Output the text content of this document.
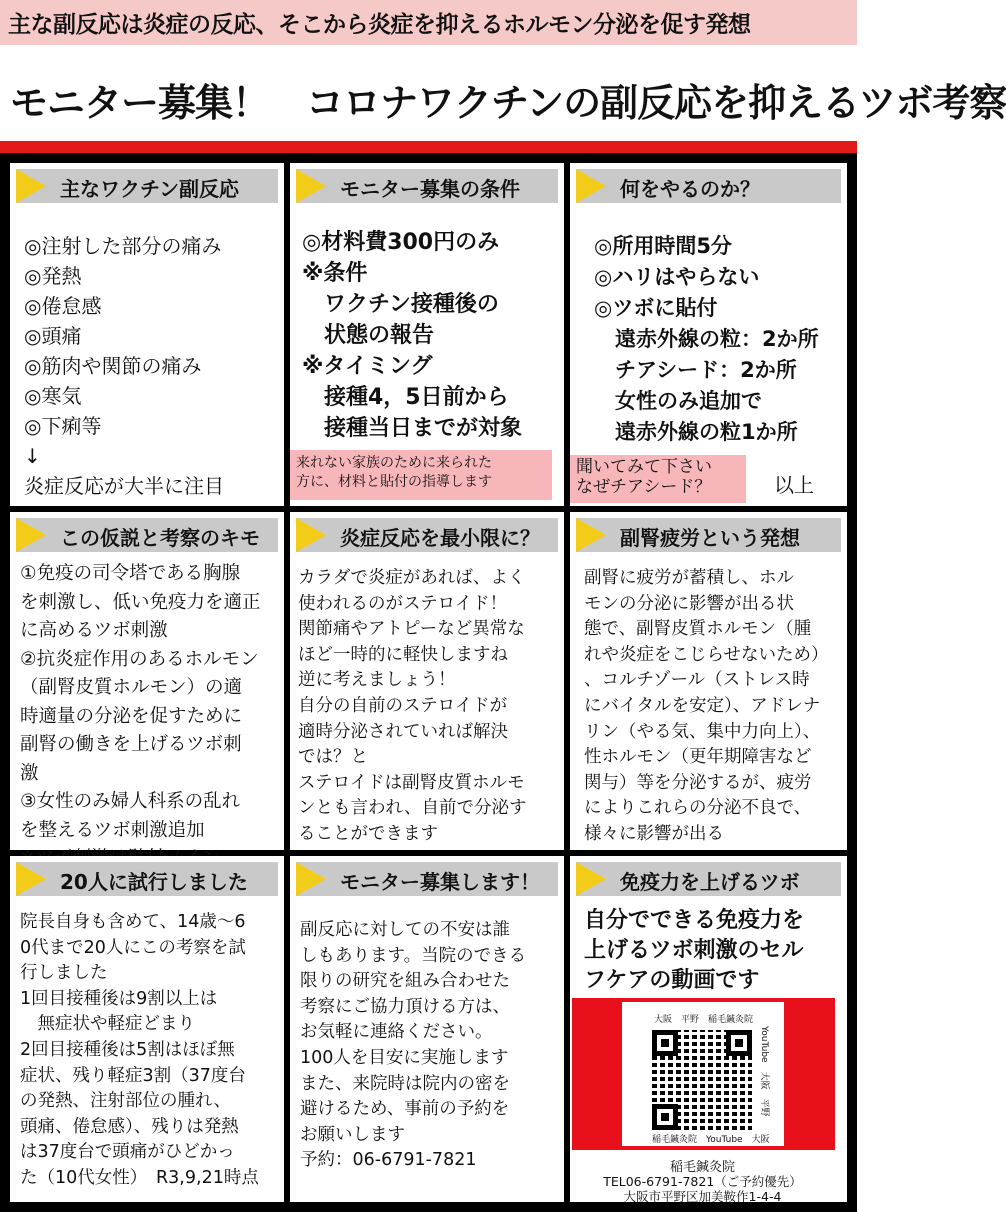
主な副反応は炎症の反応、そこから炎症を抑えるホルモン分泌を促す発想
モニター募集！　コロナワクチンの副反応を抑えるツボ考察
主なワクチン副反応
◎注射した部分の痛み
◎発熱
◎倦怠感
◎頭痛
◎筋肉や関節の痛み
◎寒気
◎下痢等
↓
炎症反応が大半に注目
モニター募集の条件
◎材料費300円のみ
※条件
　ワクチン接種後の
　状態の報告
※タイミング
　接種4，5日前から
　接種当日までが対象
来れない家族のために来られた
方に、材料と貼付の指導します
何をやるのか？
◎所用時間5分
◎ハリはやらない
◎ツボに貼付
　遠赤外線の粒：2か所
　チアシード：2か所
　女性のみ追加で
　遠赤外線の粒1か所
聞いてみて下さい
なぜチアシード？	以上
この仮説と考察のキモ
①免疫の司令塔である胸腺
を刺激し、低い免疫力を適正
に高めるツボ刺激
②抗炎症作用のあるホルモン
（副腎皮質ホルモン）の適
時適量の分泌を促すために
副腎の働きを上げるツボ刺
激
③女性のみ婦人科系の乱れ
を整えるツボ刺激追加

炎症反応を最小限に？
カラダで炎症があれば、よく
使われるのがステロイド！
関節痛やアトピーなど異常な
ほど一時的に軽快しますね
逆に考えましょう！
自分の自前のステロイドが
適時分泌されていれば解決
では？と
ステロイドは副腎皮質ホルモ
ンとも言われ、自前で分泌す
ることができます
副腎疲労という発想
副腎に疲労が蓄積し、ホル
モンの分泌に影響が出る状
態で、副腎皮質ホルモン（腫
れや炎症をこじらせないため）
、コルチゾール（ストレス時
にバイタルを安定）、アドレナ
リン（やる気、集中力向上）、
性ホルモン（更年期障害など
関与）等を分泌するが、疲労
によりこれらの分泌不良で、
様々に影響が出る
20人に試行しました
院長自身も含めて、14歳〜6
0代まで20人にこの考察を試
行しました
1回目接種後は9割以上は
　無症状や軽症どまり
2回目接種後は5割はほぼ無
症状、残り軽症3割（37度台
の発熱、注射部位の腫れ、
頭痛、倦怠感）、残りは発熱
は37度台で頭痛がひどかっ
た（10代女性）　R3,9,21時点
モニター募集します！
副反応に対しての不安は誰
しもあります。当院のできる
限りの研究を組み合わせた
考察にご協力頂ける方は、
お気軽に連絡ください。
100人を目安に実施します
また、来院時は院内の密を
避けるため、事前の予約を
お願いします
予約：06-6791-7821
免疫力を上げるツボ
自分でできる免疫力を
上げるツボ刺激のセル
フケアの動画です
大阪　平野　稲毛鍼灸院
YouTube　大阪　平野
稲毛鍼灸院　YouTube　大阪
稲毛鍼灸院
TEL06-6791-7821（ご予約優先）
大阪市平野区加美鞍作1-4-4
